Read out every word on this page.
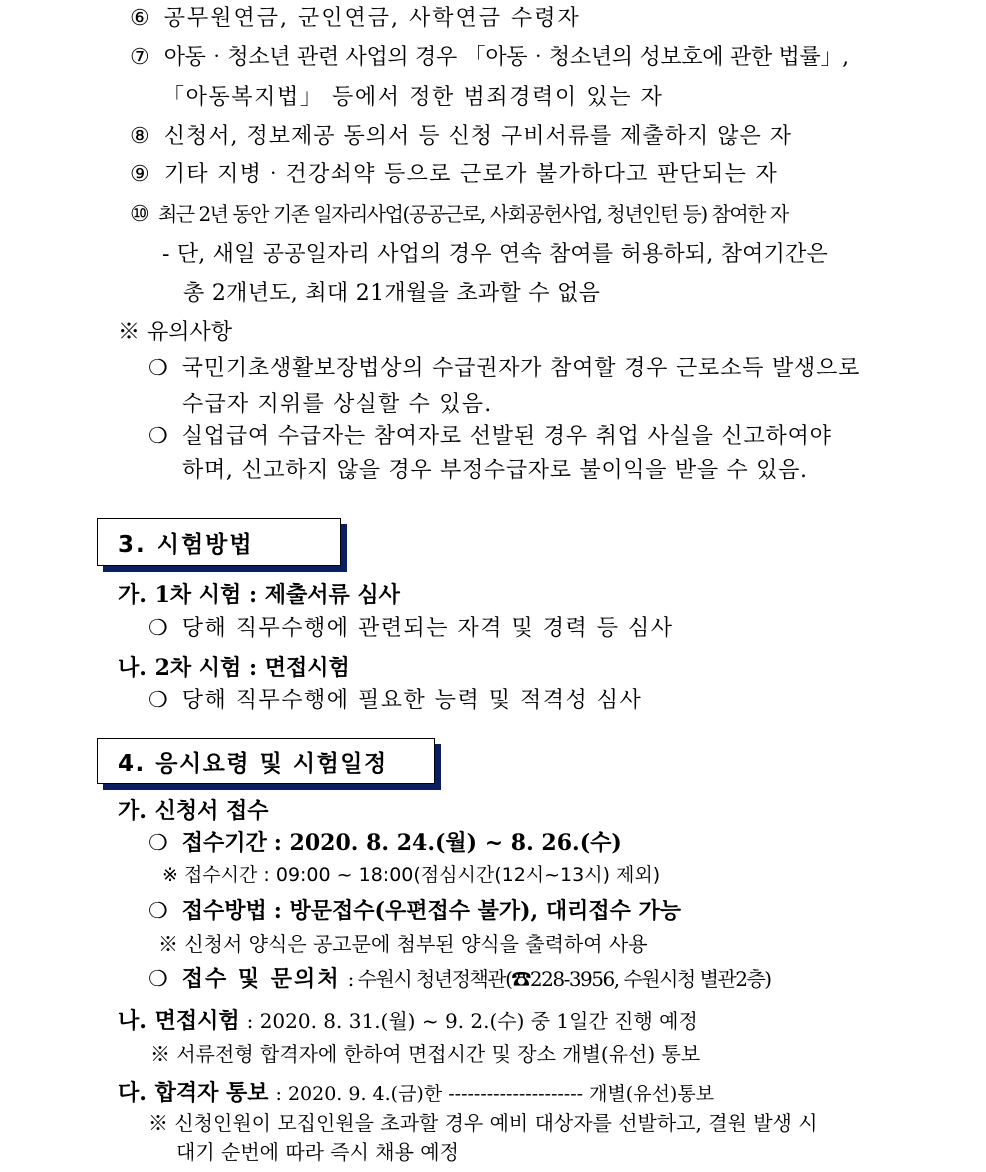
⑥ 공무원연금, 군인연금, 사학연금 수령자
⑦ 아동‧청소년 관련 사업의 경우 「아동‧청소년의 성보호에 관한 법률」,
「아동복지법」 등에서 정한 범죄경력이 있는 자
⑧ 신청서, 정보제공 동의서 등 신청 구비서류를 제출하지 않은 자
⑨ 기타 지병‧건강쇠약 등으로 근로가 불가하다고 판단되는 자
⑩ 최근 2년 동안 기존 일자리사업(공공근로, 사회공헌사업, 청년인턴 등) 참여한 자
- 단, 새일 공공일자리 사업의 경우 연속 참여를 허용하되, 참여기간은
총 2개년도, 최대 21개월을 초과할 수 없음
※ 유의사항
❍ 국민기초생활보장법상의 수급권자가 참여할 경우 근로소득 발생으로
수급자 지위를 상실할 수 있음.
❍ 실업급여 수급자는 참여자로 선발된 경우 취업 사실을 신고하여야
하며, 신고하지 않을 경우 부정수급자로 불이익을 받을 수 있음.
3. 시험방법
가. 1차 시험 : 제출서류 심사
❍ 당해 직무수행에 관련되는 자격 및 경력 등 심사
나. 2차 시험 : 면접시험
❍ 당해 직무수행에 필요한 능력 및 적격성 심사
4. 응시요령 및 시험일정
가. 신청서 접수
❍ 접수기간 : 2020. 8. 24.(월) ~ 8. 26.(수)
※ 접수시간 : 09:00 ~ 18:00(점심시간(12시~13시) 제외)
❍ 접수방법 : 방문접수(우편접수 불가), 대리접수 가능
※ 신청서 양식은 공고문에 첨부된 양식을 출력하여 사용
❍ 접수 및 문의처 : 수원시 청년정책관(☎228-3956, 수원시청 별관2층)
나. 면접시험 : 2020. 8. 31.(월) ~ 9. 2.(수) 중 1일간 진행 예정
※ 서류전형 합격자에 한하여 면접시간 및 장소 개별(유선) 통보
다. 합격자 통보 : 2020. 9. 4.(금)한 --------------------- 개별(유선)통보
※ 신청인원이 모집인원을 초과할 경우 예비 대상자를 선발하고, 결원 발생 시
대기 순번에 따라 즉시 채용 예정
